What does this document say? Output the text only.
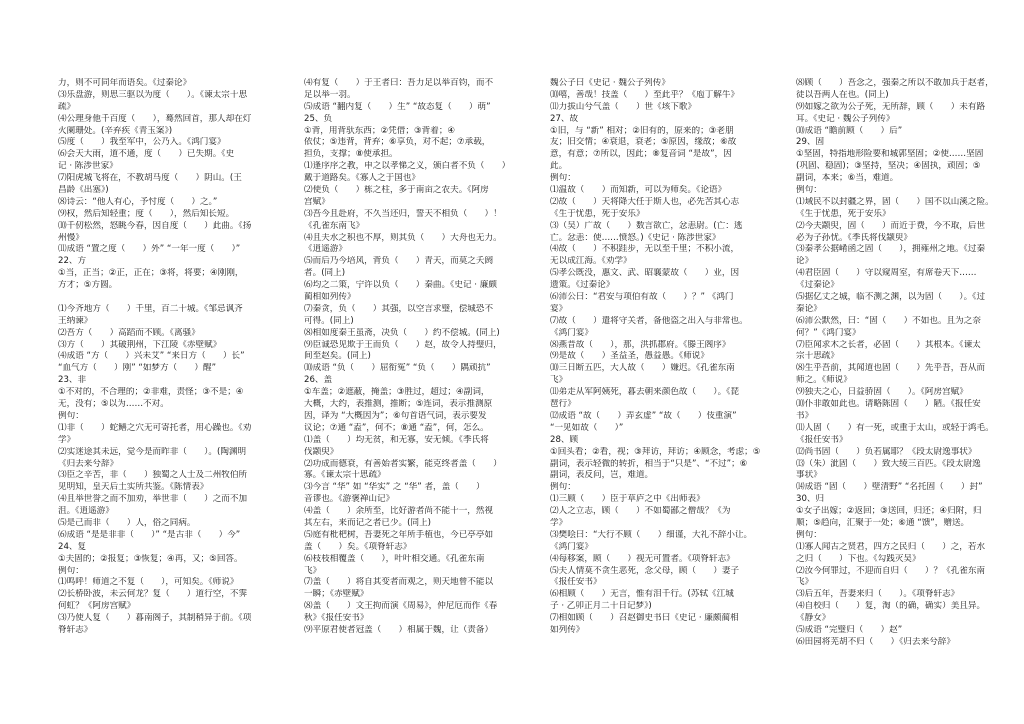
力，则不可同年而语矣。《过秦论》
⑶乐盘游，则思三驱以为度（　　）。《谏太宗十思
疏》
⑷公理身他千百度（　　），蓦然回首，那人却在灯
火阑珊处。(辛弃疾《青玉案》)
⑸度（　　）我至军中，公乃入。《鸿门宴》
⑹会天大雨，道不通，度（　　）已失期。《史
记 · 陈涉世家》
⑺阳虎城飞将在，不教胡马度（　　）阴山。(王
昌龄《出塞》)
⑻诗云：“他人有心，予忖度（　　）之。”
⑼权，然后知轻重；度（　　），然后知长短。
⑽千仞松然，怒眺今春，因自度（　　）此曲。《扬
州慢》
⑾成语 “置之度（　　）外” “一年一度（　　）”
22、方
①当，正当；②正，正在；③将，将要；④刚刚，
方才；⑤方圆。
⑴今齐地方（　　）千里，百二十城。《邹忌讽齐
王纳谏》
⑵吾方（　　）高蹈而不顾。《离骚》
⑶方（　　）其破荆州，下江陵《赤壁赋》
⑷成语 “方（　　）兴未艾” “来日方（　　）长”
“血气方（　　）刚” “如梦方（　　）醒”
23、非
①不对的，不合理的；②非难，责怪；③不是；④
无，没有；⑤以为……不对。
例句：
⑴非（　　）蛇鳝之穴无可寄托者，用心躁也。《劝
学》
⑵实迷途其未远，觉今是而昨非（　　）。(陶渊明
《归去来兮辞》
⑶臣之辛苦，非（　　）独蜀之人士及二州牧伯所
见明知，皇天后土实所共鉴。《陈情表》
⑷且举世誉之而不加劝，举世非（　　）之而不加
沮。《逍遥游》
⑸是己而非（　　）人，俗之同病。
⑹成语 “是是非非（　　）” “是古非（　　）今”
24、复
①夫固的；②报复；③恢复；④再，又；⑤回答。
例句：
⑴鸣呼！师道之不复（　　），可知矣。《师说》
⑵长桥卧波，未云何龙？复（　　）道行空，不霁
何虹？《阿房宫赋》
⑶乃使人复（　　）暮南阁子，其制稍异于前。《项
脊轩志》
⑷有复（　　）于王者曰：吾力足以举百钧，而不
足以举一羽。
⑸成语 “翻内复（　　）生” “故态复（　　）萌”
25、负
①背，用背驮东西；②凭借；③背着；④
依仗；⑤违背，背弃；⑥享负，对不起；⑦承载，
担负，支撑；⑧使承担。
⑴逢序序之教，申之以孝悌之义，颁白者不负（　　）
戴于道路矣。《寡人之于国也》
⑵使负（　　）栋之柱，多于南亩之农夫。《阿房
宫赋》
⑶吾今且赴府，不久当还归，誓天不相负（　　）！
《孔雀东南飞》
⑷且夫水之积也不厚，则其负（　　）大舟也无力。
《逍遥游》
⑸而后乃今培风，背负（　　）青天，而莫之夭阏
者。(同上)
⑹均之二策，宁许以负（　　）秦曲。《史记 · 廉颇
蔺相如列传》
⑺秦贪，负（　　）其强，以空言求璧，偿城恐不
可得。(同上)
⑻相如度秦王虽斋，决负（　　）约不偿城。(同上)
⑼臣诚恐见欺于王而负（　　）赵，故令人持璧归，
间至赵矣。(同上)
⑽成语 “负（　　）屈衔冤” “负（　　）隅顽抗”
26、盖
①车盖；②遮蔽，掩盖；③胜过，超过；④副词，
大概，大约，表推测，推断；⑤连词，表示推测原
因，译为 “大概因为”；⑥句首语气词，表示要发
议论；⑦通 “盍”，何不；⑧通 “盍”，何，怎么。
⑴盖（　　）均无贫，和无寡，安无倾。《季氏将
伐颛臾》
⑵功成而德衰，有善始者实繁，能克终者盖（　　）
寡。《谏太宗十思疏》
⑶今言 “华” 如 “华实” 之 “华” 者，盖（　　）
音谬也。《游褒禅山记》
⑷盖（　　）余所至，比好游者尚不能十一，然视
其左右，来而记之者已少。(同上)
⑸庭有枇杷树，吾妻死之年所手植也，今已亭亭如
盖（　　）矣。《项脊轩志》
⑹枝枝相覆盖（　　），叶叶相交通。《孔雀东南
飞》
⑺盖（　　）将自其变者而观之，则天地曾不能以
一瞬；《赤壁赋》
⑻盖（　　）文王拘而演《周易》，仲尼厄而作《春
秋》《报任安书》
⑼平原君使者冠盖（　　）相属于魏，让（责备）
魏公子曰《史记 · 魏公子列传》
⑽嘻，善哉！技盖（　　）至此乎？《庖丁解牛》
⑾力拔山兮气盖（　　）世《垓下歌》
27、故
①旧，与 “新” 相对；②旧有的，原来的；③老朋
友；旧交情；④衰退，衰老；⑤原因，缘故；⑥故
意，有意；⑦所以，因此；⑧复音词 “是故”，因
此。
例句：
⑴温故（　　）而知新，可以为师矣。《论语》
⑵故（　　）天将降大任于斯人也，必先苦其心志
《生于忧患，死于安乐》
⑶（吴）广故（　　）数言欲亡，忿恚尉。(亡：逃
亡。忿恚：使……愤怒。)《史记 · 陈涉世家》
⑷故（　　）不积跬步，无以至千里；不积小流，
无以成江海。《劝学》
⑸孝公既没，惠文、武、昭襄蒙故（　　）业，因
遗策。《过秦论》
⑹沛公曰：“君安与项伯有故（　　）？” 《鸿门
宴》
⑺故（　　）遣将守关者，备他盗之出入与非常也。
《鸿门宴》
⑻燕昔故（　　），那，洪抓郡府。《滕王阁序》
⑼是故（　　）圣益圣，愚益愚。《师说》
⑽三日断五匹，大人故（　　）嫌迟。《孔雀东南
飞》
⑾弟走从军阿姨死，暮去朝来颜色故（　　）。《琵
琶行》
⑿成语 “故（　　）弄玄虚” “故（　　）伎重演”
“一见如故（　　）”
28、顾
①回头看；②看，视；③拜访，拜访；④顾念，考虑；⑤
副词，表示轻微的转折，相当于“只是”、“不过”；⑥
副词，表反问，岂，难道。
例句：
⑴三顾（　　）臣于草庐之中《出师表》
⑵人之立志，顾（　　）不如蜀鄙之僧哉？《为
学》
⑶樊哙曰：“大行不顾（　　）细谨，大礼不辞小让。
《鸿门宴》
⑷每移案，顾（　　）视无可置者。《项脊轩志》
⑸夫人情莫不贪生恶死，念父母，顾（　　）妻子
《报任安书》
⑹相顾（　　）无言，惟有泪千行。(苏轼《江城
子 · 乙卯正月二十日记梦》)
⑺相如顾（　　）召赵御史书曰《史记 · 廉颇蔺相
如列传》
⑻顾（　　）吾念之，强秦之所以不敢加兵于赵者，
徒以吾两人在也。(同上)
⑼如嫁之欲为公子死，无所辞，顾（　　）未有路
耳。《史记 · 魏公子列传》
⑽成语 “瞻前顾（　　）后”
29、固
①坚固，特指地形险要和城郭坚固；②使……坚固
(巩固、稳固)；③坚持，坚决；④固执，顽固；⑤
副词，本来；⑥当，难道。
例句：
⑴域民不以封疆之界，固（　　）国不以山溪之险。
《生于忧患，死于安乐》
⑵今夫颛臾，固（　　）而近于费，今不取，后世
必为子孙忧。《季氏将伐颛臾》
⑶秦孝公据崤函之固（　　），拥雍州之地。《过秦
论》
⑷君臣固（　　）守以窥周室，有席卷天下……
《过秦论》
⑸据亿丈之城，临不测之渊，以为固（　　）。《过
秦论》
⑹沛公默然，曰：“固（　　）不如也。且为之奈
何？”《鸿门宴》
⑺臣闻求木之长者，必固（　　）其根本。《谏太
宗十思疏》
⑻生乎吾前，其闻道也固（　　）先乎吾，吾从而
师之。《师说》
⑼独夫之心，日益骄固（　　）。《阿房宫赋》
⑽仆非敢如此也。请略陈固（　　）陋。《报任安
书》
⑾人固（　　）有一死，或重于太山，或轻于鸿毛。
《报任安书》
⑿尚书固（　　）负若属耶？《段太尉逸事状》
⒀（朱）泚固（　　）致大绫三百匹。《段太尉逸
事状》
⒁成语 “固（　　）壁清野” “名托固（　　）封”
30、归
①女子出嫁；②返回；③送回，归还；④归附，归
顺；⑤趋向，汇聚于一处；⑥通 “馈”，赠送。
例句：
⑴寡人闻古之贤君，四方之民归（　　）之，若水
之归（　　）下也。《勾践灭吴》
⑵汝今何罪过，不迎而自归（　　）？《孔雀东南
飞》
⑶后五年，吾妻来归（　　）。《项脊轩志》
⑷自校归（　　）复，淘（的确，确实）美且异。
《静女》
⑸成语 “完璧归（　　）赵”
⑹田园将芜胡不归（　　）《归去来兮辞》
